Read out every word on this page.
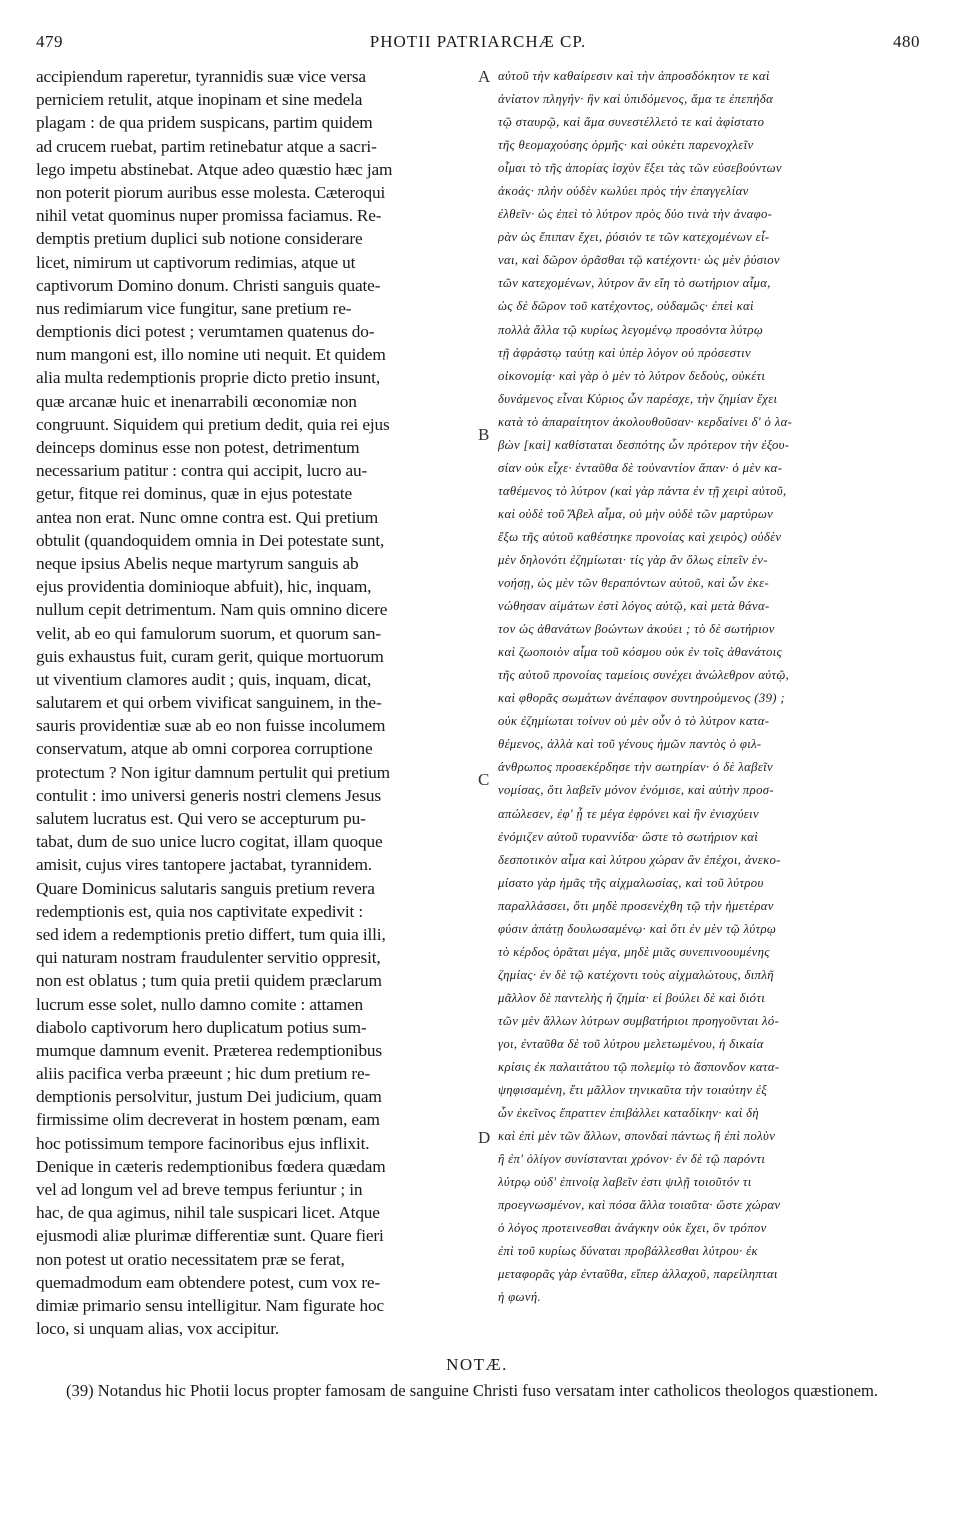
479	PHOTII PATRIARCHÆ CP.	480
accipiendum raperetur, tyrannidis suæ vice versa
perniciem retulit, atque inopinam et sine medela
plagam : de qua pridem suspicans, partim quidem
ad crucem ruebat, partim retinebatur atque a sacri-
lego impetu abstinebat. Atque adeo quæstio hæc jam
non poterit piorum auribus esse molesta. Cæteroqui
nihil vetat quominus nuper promissa faciamus. Re-
demptis pretium duplici sub notione considerare
licet, nimirum ut captivorum redimias, atque ut
captivorum Domino donum. Christi sanguis quate-
nus redimiarum vice fungitur, sane pretium re-
demptionis dici potest ; verumtamen quatenus do-
num mangoni est, illo nomine uti nequit. Et quidem
alia multa redemptionis proprie dicto pretio insunt,
quæ arcanæ huic et inenarrabili œconomiæ non
congruunt. Siquidem qui pretium dedit, quia rei ejus
deinceps dominus esse non potest, detrimentum
necessarium patitur : contra qui accipit, lucro au-
getur, fitque rei dominus, quæ in ejus potestate
antea non erat. Nunc omne contra est. Qui pretium
obtulit (quandoquidem omnia in Dei potestate sunt,
neque ipsius Abelis neque martyrum sanguis ab
ejus providentia dominioque abfuit), hic, inquam,
nullum cepit detrimentum. Nam quis omnino dicere
velit, ab eo qui famulorum suorum, et quorum san-
guis exhaustus fuit, curam gerit, quique mortuorum
ut viventium clamores audit ; quis, inquam, dicat,
salutarem et qui orbem vivificat sanguinem, in the-
sauris providentiæ suæ ab eo non fuisse incolumem
conservatum, atque ab omni corporea corruptione
protectum ? Non igitur damnum pertulit qui pretium
contulit : imo universi generis nostri clemens Jesus
salutem lucratus est. Qui vero se accepturum pu-
tabat, dum de suo unice lucro cogitat, illam quoque
amisit, cujus vires tantopere jactabat, tyrannidem.
Quare Dominicus salutaris sanguis pretium revera
redemptionis est, quia nos captivitate expedivit :
sed idem a redemptionis pretio differt, tum quia illi,
qui naturam nostram fraudulenter servitio oppresit,
non est oblatus ; tum quia pretii quidem præclarum
lucrum esse solet, nullo damno comite : attamen
diabolo captivorum hero duplicatum potius sum-
mumque damnum evenit. Præterea redemptionibus
aliis pacifica verba præeunt ; hic dum pretium re-
demptionis persolvitur, justum Dei judicium, quam
firmissime olim decreverat in hostem pœnam, eam
hoc potissimum tempore facinoribus ejus inflixit.
Denique in cæteris redemptionibus fœdera quædam
vel ad longum vel ad breve tempus feriuntur ; in
hac, de qua agimus, nihil tale suspicari licet. Atque
ejusmodi aliæ plurimæ differentiæ sunt. Quare fieri
non potest ut oratio necessitatem præ se ferat,
quemadmodum eam obtendere potest, cum vox re-
dimiæ primario sensu intelligitur. Nam figurate hoc
loco, si unquam alias, vox accipitur.
αὐτοῦ τὴν καθαίρεσιν καὶ τὴν ἀπροσδόκητον τε καὶ
ἀνίατον πληγήν· ἣν καὶ ὑπιδόμενος, ἅμα τε ἐπεπήδα
τῷ σταυρῷ, καὶ ἅμα συνεστέλλετό τε καὶ ἀφίστατο
τῆς θεομαχούσης ὁρμῆς· καὶ οὐκέτι παρενοχλεῖν
οἶμαι τὸ τῆς ἀπορίας ἰσχὺν ἕξει τὰς τῶν εὐσεβούντων
ἀκοάς· πλὴν οὐδὲν κωλύει πρὸς τὴν ἐπαγγελίαν
ἐλθεῖν· ὡς ἐπεὶ τὸ λύτρον πρὸς δύο τινὰ τὴν ἀναφο-
ρὰν ὡς ἔπιπαν ἔχει, ῥύσιόν τε τῶν κατεχομένων εἶ-
ναι, καὶ δῶρον ὁρᾶσθαι τῷ κατέχοντι· ὡς μὲν ῥύσιον
τῶν κατεχομένων, λύτρον ἂν εἴη τὸ σωτήριον αἷμα,
ὡς δὲ δῶρον τοῦ κατέχοντος, οὐδαμῶς· ἐπεὶ καὶ
πολλὰ ἄλλα τῷ κυρίως λεγομένῳ προσόντα λύτρῳ
τῇ ἀφράστῳ ταύτῃ καὶ ὑπὲρ λόγον οὐ πρόσεστιν
οἰκονομίᾳ· καὶ γὰρ ὁ μὲν τὸ λύτρον δεδοὺς, οὐκέτι
δυνάμενος εἶναι Κύριος ὧν παρέσχε, τὴν ζημίαν ἔχει
κατὰ τὸ ἀπαραίτητον ἀκολουθοῦσαν· κερδαίνει δ' ὁ λα-
βὼν [καὶ] καθίσταται δεσπότης ὧν πρότερον τὴν ἐξου-
σίαν οὐκ εἶχε· ἐνταῦθα δὲ τοὐναντίον ἅπαν· ὁ μὲν κα-
ταθέμενος τὸ λύτρον (καὶ γὰρ πάντα ἐν τῇ χειρὶ αὐτοῦ,
καὶ οὐδὲ τοῦ Ἄβελ αἷμα, οὐ μὴν οὐδὲ τῶν μαρτύρων
ἔξω τῆς αὐτοῦ καθέστηκε προνοίας καὶ χειρὸς) οὐδὲν
μὲν δηλονότι ἐζημίωται· τίς γὰρ ἂν ὅλως εἰπεῖν ἐν-
νοήσῃ, ὡς μὲν τῶν θεραπόντων αὐτοῦ, καὶ ὧν ἐκε-
νώθησαν αἱμάτων ἐστὶ λόγος αὐτῷ, καὶ μετὰ θάνα-
τον ὡς ἀθανάτων βοώντων ἀκούει ; τὸ δὲ σωτήριον
καὶ ζωοποιὸν αἷμα τοῦ κόσμου οὐκ ἐν τοῖς ἀθανάτοις
τῆς αὐτοῦ προνοίας ταμείοις συνέχει ἀνώλεθρον αὐτῷ,
καὶ φθορᾶς σωμάτων ἀνέπαφον συντηρούμενος (39) ;
οὐκ ἐζημίωται τοίνυν οὐ μὲν οὖν ὁ τὸ λύτρον κατα-
θέμενος, ἀλλὰ καὶ τοῦ γένους ἡμῶν παντὸς ὁ φιλ-
άνθρωπος προσεκέρδησε τὴν σωτηρίαν· ὁ δὲ λαβεῖν
νομίσας, ὅτι λαβεῖν μόνον ἐνόμισε, καὶ αὐτὴν προσ-
απώλεσεν, ἐφ' ᾗ τε μέγα ἐφρόνει καὶ ἣν ἐνισχύειν
ἐνόμιζεν αὐτοῦ τυραννίδα· ὥστε τὸ σωτήριον καὶ
δεσποτικὸν αἷμα καὶ λύτρου χώραν ἂν ἐπέχοι, ἀνεκο-
μίσατο γὰρ ἡμᾶς τῆς αἰχμαλωσίας, καὶ τοῦ λύτρου
παραλλάσσει, ὅτι μηδὲ προσενέχθη τῷ τὴν ἡμετέραν
φύσιν ἀπάτῃ δουλωσαμένῳ· καὶ ὅτι ἐν μὲν τῷ λύτρῳ
τὸ κέρδος ὁρᾶται μέγα, μηδὲ μιᾶς συνεπινοουμένης
ζημίας· ἐν δὲ τῷ κατέχοντι τοὺς αἰχμαλώτους, διπλῆ
μᾶλλον δὲ παντελὴς ἡ ζημία· εἰ βούλει δὲ καὶ διότι
τῶν μὲν ἄλλων λύτρων συμβατήριοι προηγοῦνται λό-
γοι, ἐνταῦθα δὲ τοῦ λύτρου μελετωμένου, ἡ δικαία
κρίσις ἐκ παλαιτάτου τῷ πολεμίῳ τὸ ἄσπονδον κατα-
ψηφισαμένη, ἔτι μᾶλλον τηνικαῦτα τὴν τοιαύτην ἐξ
ὧν ἐκεῖνος ἔπραττεν ἐπιβάλλει καταδίκην· καὶ δὴ
καὶ ἐπὶ μὲν τῶν ἄλλων, σπονδαὶ πάντως ἢ ἐπὶ πολὺν
ἢ ἐπ' ὀλίγον συνίστανται χρόνον· ἐν δὲ τῷ παρόντι
λύτρῳ οὐδ' ἐπινοίᾳ λαβεῖν ἐστι ψιλῇ τοιοῦτόν τι
προεγνωσμένον, καὶ πόσα ἄλλα τοιαῦτα· ὥστε χώραν
ὁ λόγος προτεινεσθαι ἀνάγκην οὐκ ἔχει, ὃν τρόπον
ἐπὶ τοῦ κυρίως δύναται προβάλλεσθαι λύτρου· ἐκ
μεταφορᾶς γὰρ ἐνταῦθα, εἴπερ ἀλλαχοῦ, παρείληπται
ἡ φωνή.
A
B
C
D
NOTÆ.
(39) Notandus hic Photii locus propter famosam de sanguine Christi fuso versatam inter catholicos theologos quæstionem.
